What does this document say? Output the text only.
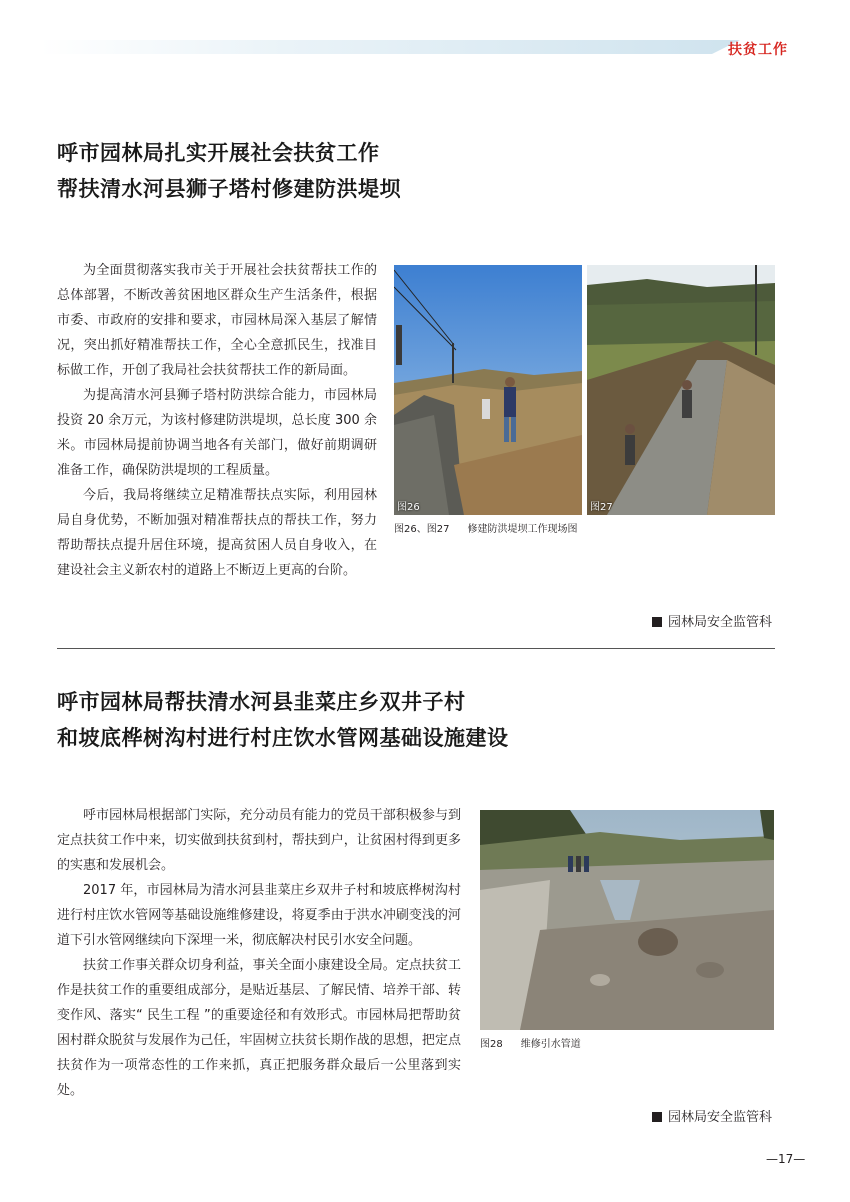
扶贫工作
呼市园林局扎实开展社会扶贫工作
帮扶清水河县狮子塔村修建防洪堤坝

为全面贯彻落实我市关于开展社会扶贫帮扶工作的总体部署，不断改善贫困地区群众生产生活条件，根据市委、市政府的安排和要求，市园林局深入基层了解情况，突出抓好精准帮扶工作，全心全意抓民生，找准目标做工作，开创了我局社会扶贫帮扶工作的新局面。

为提高清水河县狮子塔村防洪综合能力，市园林局投资 20 余万元，为该村修建防洪堤坝，总长度 300 余米。市园林局提前协调当地各有关部门，做好前期调研准备工作，确保防洪堤坝的工程质量。

今后，我局将继续立足精准帮扶点实际，利用园林局自身优势，不断加强对精准帮扶点的帮扶工作，努力帮助帮扶点提升居住环境，提高贫困人员自身收入，在建设社会主义新农村的道路上不断迈上更高的台阶。

图26	图27
图26、图27 修建防洪堤坝工作现场图
园林局安全监管科
呼市园林局帮扶清水河县韭菜庄乡双井子村
和坡底桦树沟村进行村庄饮水管网基础设施建设

呼市园林局根据部门实际，充分动员有能力的党员干部积极参与到定点扶贫工作中来，切实做到扶贫到村，帮扶到户，让贫困村得到更多的实惠和发展机会。

2017 年，市园林局为清水河县韭菜庄乡双井子村和坡底桦树沟村进行村庄饮水管网等基础设施维修建设，将夏季由于洪水冲刷变浅的河道下引水管网继续向下深埋一米，彻底解决村民引水安全问题。

扶贫工作事关群众切身利益，事关全面小康建设全局。定点扶贫工作是扶贫工作的重要组成部分，是贴近基层、了解民情、培养干部、转变作风、落实“ 民生工程 ”的重要途径和有效形式。市园林局把帮助贫困村群众脱贫与发展作为己任，牢固树立扶贫长期作战的思想，把定点扶贫作为一项常态性的工作来抓，真正把服务群众最后一公里落到实处。

图28 维修引水管道
园林局安全监管科
—17—
